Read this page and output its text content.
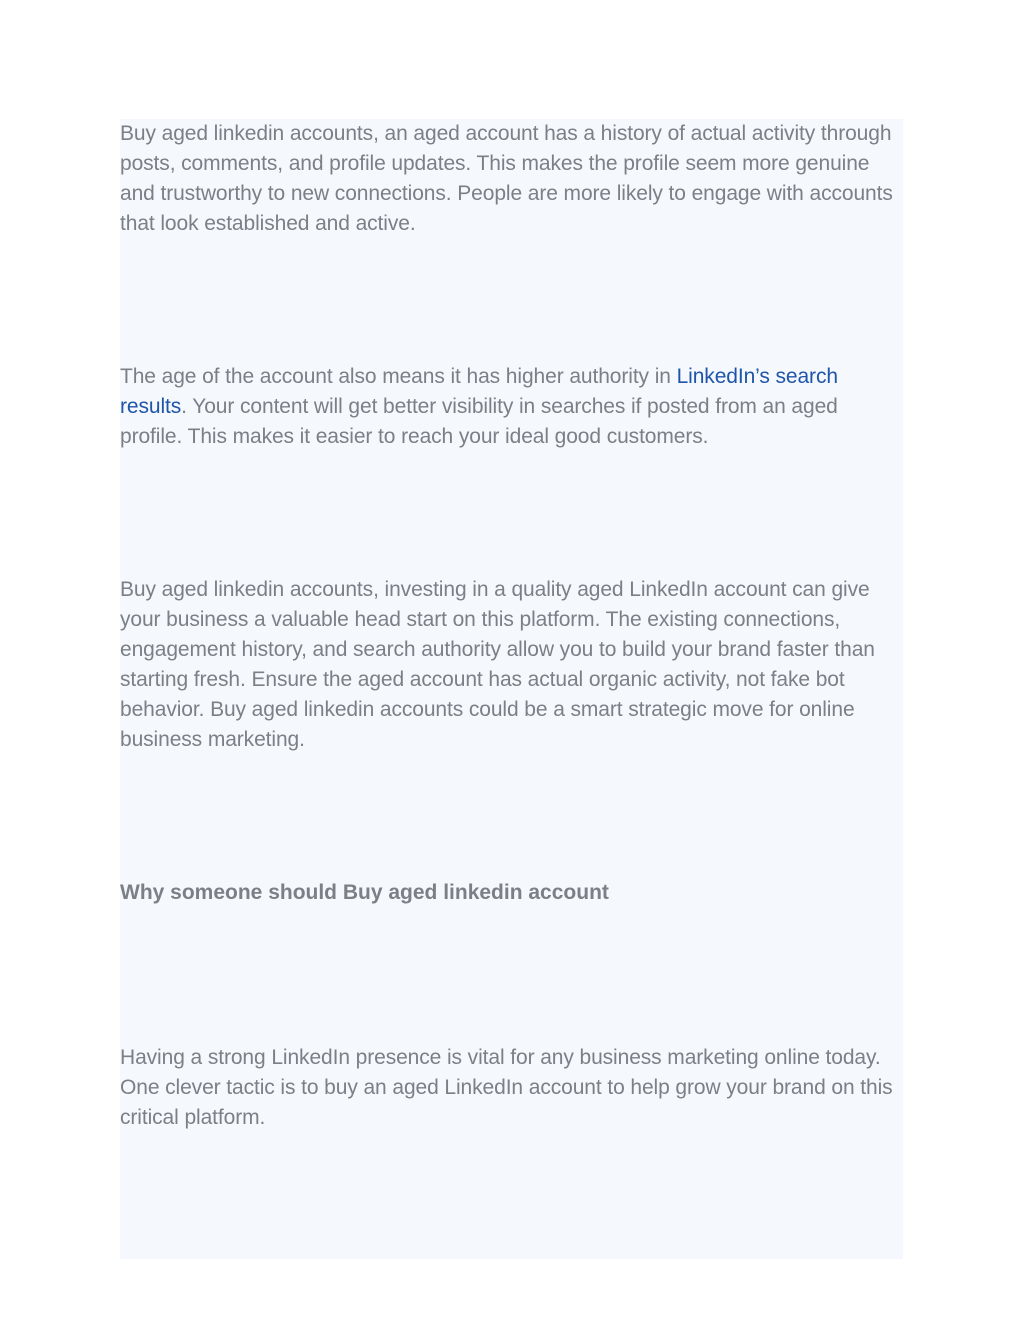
Buy aged linkedin accounts, an aged account has a history of actual activity through posts, comments, and profile updates. This makes the profile seem more genuine and trustworthy to new connections. People are more likely to engage with accounts that look established and active.

The age of the account also means it has higher authority in LinkedIn’s search results. Your content will get better visibility in searches if posted from an aged profile. This makes it easier to reach your ideal good customers.

Buy aged linkedin accounts, investing in a quality aged LinkedIn account can give your business a valuable head start on this platform. The existing connections, engagement history, and search authority allow you to build your brand faster than starting fresh. Ensure the aged account has actual organic activity, not fake bot behavior. Buy aged linkedin accounts could be a smart strategic move for online business marketing.

Why someone should Buy aged linkedin account

Having a strong LinkedIn presence is vital for any business marketing online today. One clever tactic is to buy an aged LinkedIn account to help grow your brand on this critical platform.
